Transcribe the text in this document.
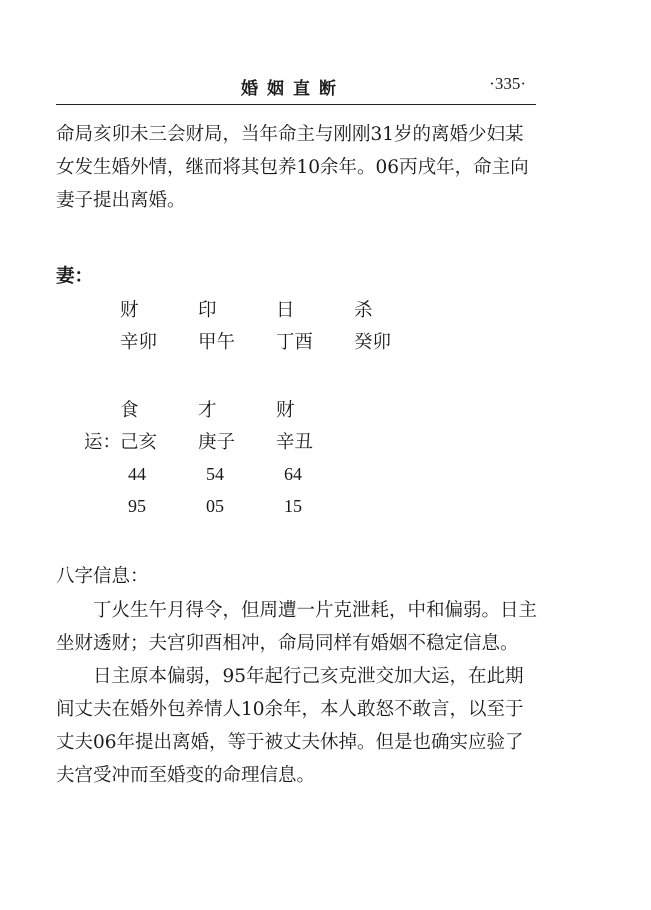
婚姻直断	·335·

命局亥卯未三会财局，当年命主与刚刚31岁的离婚少妇某女发生婚外情，继而将其包养10余年。06丙戌年，命主向妻子提出离婚。

妻：
财	印	日	杀
辛卯 甲午 丁酉 癸卯
食	才	财
运：
己亥 庚子 辛丑
44	54	64
95	05	15
八字信息：

丁火生午月得令，但周遭一片克泄耗，中和偏弱。日主坐财透财；夫宫卯酉相冲，命局同样有婚姻不稳定信息。

日主原本偏弱，95年起行己亥克泄交加大运，在此期间丈夫在婚外包养情人10余年，本人敢怒不敢言，以至于丈夫06年提出离婚，等于被丈夫休掉。但是也确实应验了夫宫受冲而至婚变的命理信息。
